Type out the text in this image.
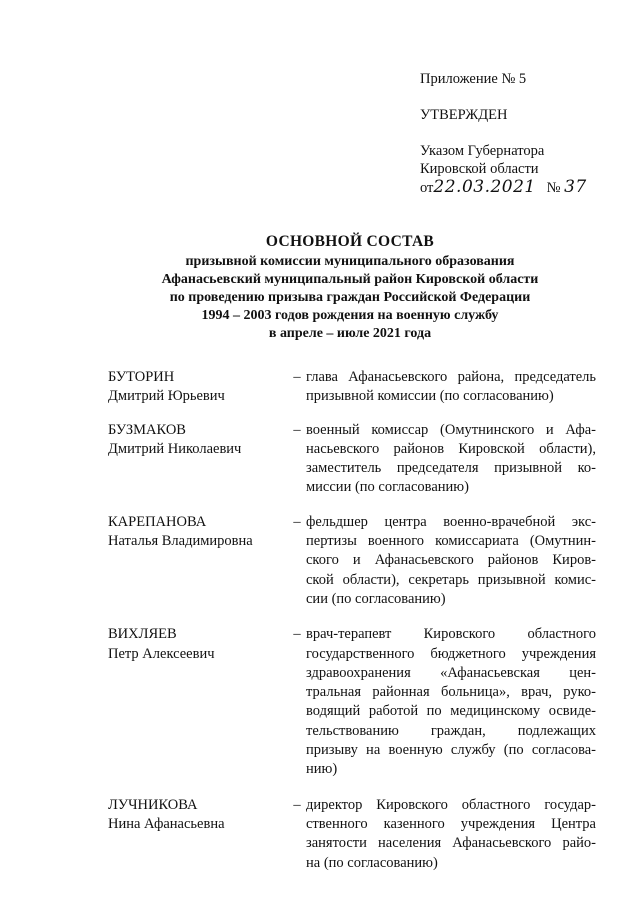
Приложение № 5
УТВЕРЖДЕН
Указом Губернатора
Кировской области
от22.03.2021 № 37
ОСНОВНОЙ СОСТАВ
призывной комиссии муниципального образования
Афанасьевский муниципальный район Кировской области
по проведению призыва граждан Российской Федерации
1994 – 2003 годов рождения на военную службу
в апреле – июле 2021 года
БУТОРИН
Дмитрий Юрьевич
– глава Афанасьевского района, председатель
призывной комиссии (по согласованию)
БУЗМАКОВ
Дмитрий Николаевич
– военный комиссар (Омутнинского и Афа-
насьевского районов Кировской области),
заместитель председателя призывной ко-
миссии (по согласованию)
КАРЕПАНОВА
Наталья Владимировна
– фельдшер центра военно-врачебной экс-
пертизы военного комиссариата (Омутнин-
ского и Афанасьевского районов Киров-
ской области), секретарь призывной комис-
сии (по согласованию)
ВИХЛЯЕВ
Петр Алексеевич
– врач-терапевт Кировского областного
государственного бюджетного учреждения
здравоохранения «Афанасьевская цен-
тральная районная больница», врач, руко-
водящий работой по медицинскому освиде-
тельствованию граждан, подлежащих
призыву на военную службу (по согласова-
нию)
ЛУЧНИКОВА
Нина Афанасьевна
– директор Кировского областного государ-
ственного казенного учреждения Центра
занятости населения Афанасьевского райо-
на (по согласованию)
